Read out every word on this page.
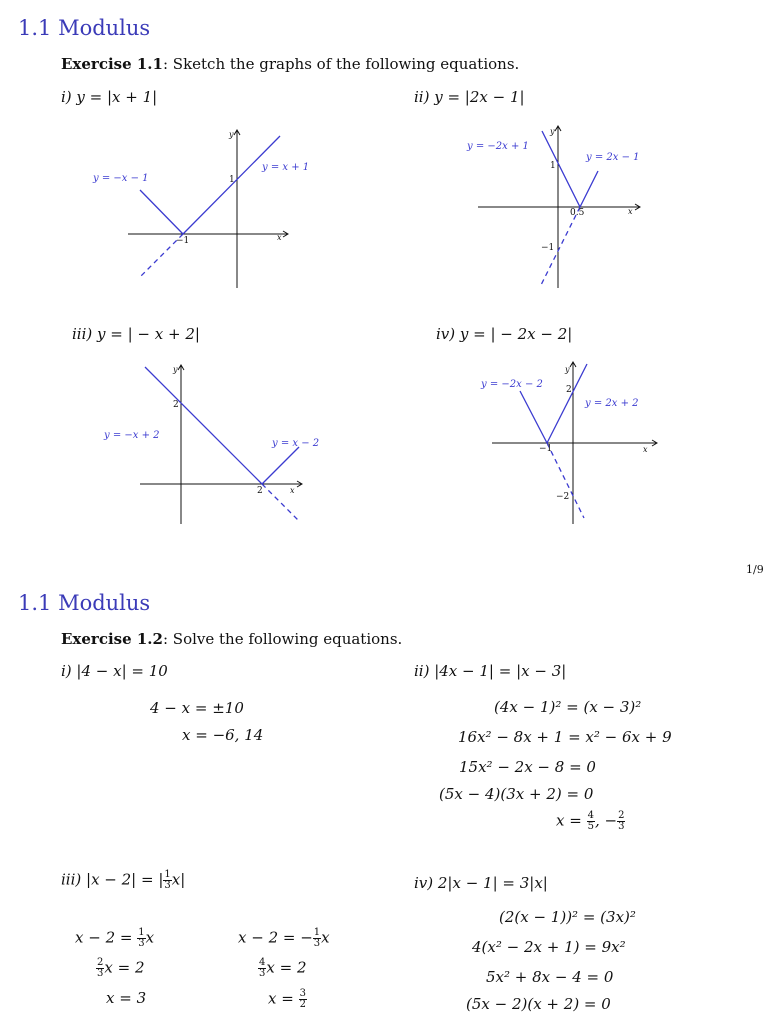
1.1 Modulus
Exercise 1.1: Sketch the graphs of the following equations.
i) y = |x + 1|	ii) y = |2x − 1|
iii) y = | − x + 2|	iv) y = | − 2x − 2|
y = −x − 1
y = x + 1
1
−1	x
y
y = −2x + 1
y = 2x − 1
1
0.5
−1
x
y
y = −x + 2
y = x − 2
2
2	x
y
y = −2x − 2
y = 2x + 2
2
−1
−2
x
y
1/9
1.1 Modulus
Exercise 1.2: Solve the following equations.
i) |4 − x| = 10
4 − x = ±10
x = −6, 14
ii) |4x − 1| = |x − 3|
(4x − 1)² = (x − 3)²
16x² − 8x + 1 = x² − 6x + 9
15x² − 2x − 8 = 0
(5x − 4)(3x + 2) = 0
$x = \frac{4}{5}$ , − $\frac{2}{3}$
iii) |x − 2| = | $\frac{1}{3} x|$
$x - 2 = \frac{1}{3}$ x
$\frac{2}{3}$ x = 2
x = 3
x − 2 = − $\frac{1}{3}$ x
$\frac{4}{3}$ x = 2
$x = \frac{3}{2}$
iv) 2|x − 1| = 3|x|
(2(x − 1))² = (3x)²
4(x² − 2x + 1) = 9x²
5x² + 8x − 4 = 0
(5x − 2)(x + 2) = 0
